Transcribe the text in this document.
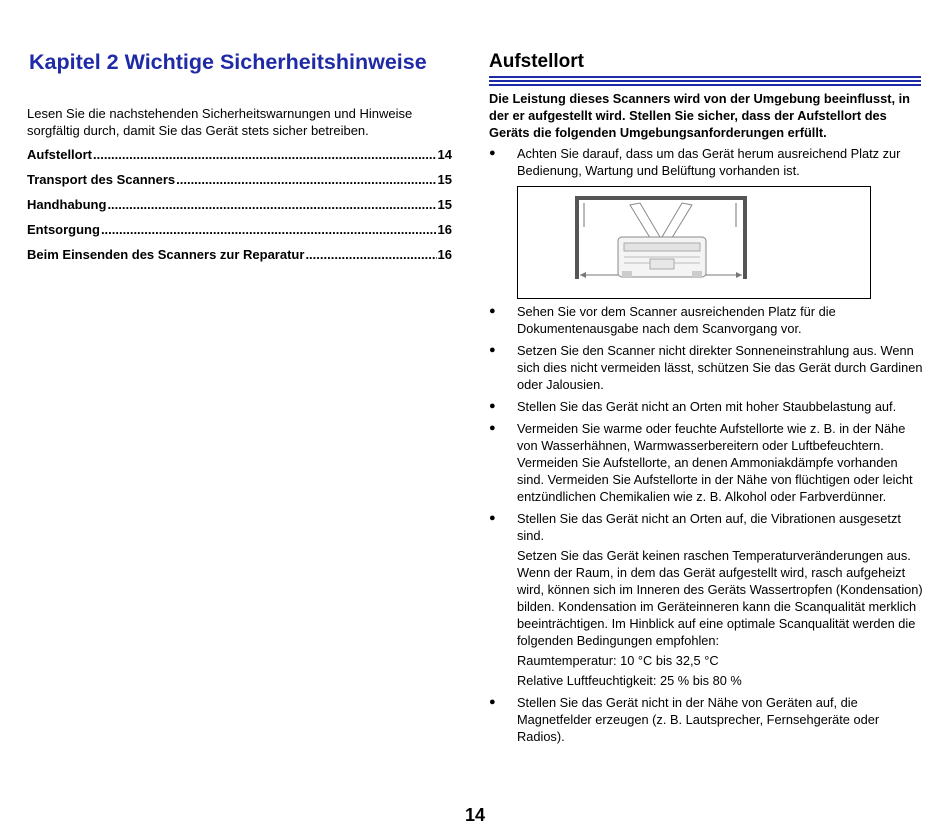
Kapitel 2 Wichtige Sicherheitshinweise

Lesen Sie die nachstehenden Sicherheitswarnungen und Hinweise sorgfältig durch, damit Sie das Gerät stets sicher betreiben.

Aufstellort .....	14
Transport des Scanners .....	15
Handhabung .....	15
Entsorgung .....	16
Beim Einsenden des Scanners zur Reparatur .....	16
Aufstellort

Die Leistung dieses Scanners wird von der Umgebung beeinflusst, in der er aufgestellt wird. Stellen Sie sicher, dass der Aufstellort des Geräts die folgenden Umgebungsanforderungen erfüllt.

● Achten Sie darauf, dass um das Gerät herum ausreichend Platz zur Bedienung, Wartung und Belüftung vorhanden ist.
● Sehen Sie vor dem Scanner ausreichenden Platz für die Dokumentenausgabe nach dem Scanvorgang vor.
● Setzen Sie den Scanner nicht direkter Sonneneinstrahlung aus. Wenn sich dies nicht vermeiden lässt, schützen Sie das Gerät durch Gardinen oder Jalousien.
● Stellen Sie das Gerät nicht an Orten mit hoher Staubbelastung auf.
● Vermeiden Sie warme oder feuchte Aufstellorte wie z. B. in der Nähe von Wasserhähnen, Warmwasserbereitern oder Luftbefeuchtern. Vermeiden Sie Aufstellorte, an denen Ammoniakdämpfe vorhanden sind. Vermeiden Sie Aufstellorte in der Nähe von flüchtigen oder leicht entzündlichen Chemikalien wie z. B. Alkohol oder Farbverdünner.
● Stellen Sie das Gerät nicht an Orten auf, die Vibrationen ausgesetzt sind.

Setzen Sie das Gerät keinen raschen Temperaturveränderungen aus. Wenn der Raum, in dem das Gerät aufgestellt wird, rasch aufgeheizt wird, können sich im Inneren des Geräts Wassertropfen (Kondensation) bilden. Kondensation im Geräteinneren kann die Scanqualität merklich beeinträchtigen. Im Hinblick auf eine optimale Scanqualität werden die folgenden Bedingungen empfohlen:

Raumtemperatur: 10 °C bis 32,5 °C

Relative Luftfeuchtigkeit: 25 % bis 80 %

● Stellen Sie das Gerät nicht in der Nähe von Geräten auf, die Magnetfelder erzeugen (z. B. Lautsprecher, Fernsehgeräte oder Radios).

14
